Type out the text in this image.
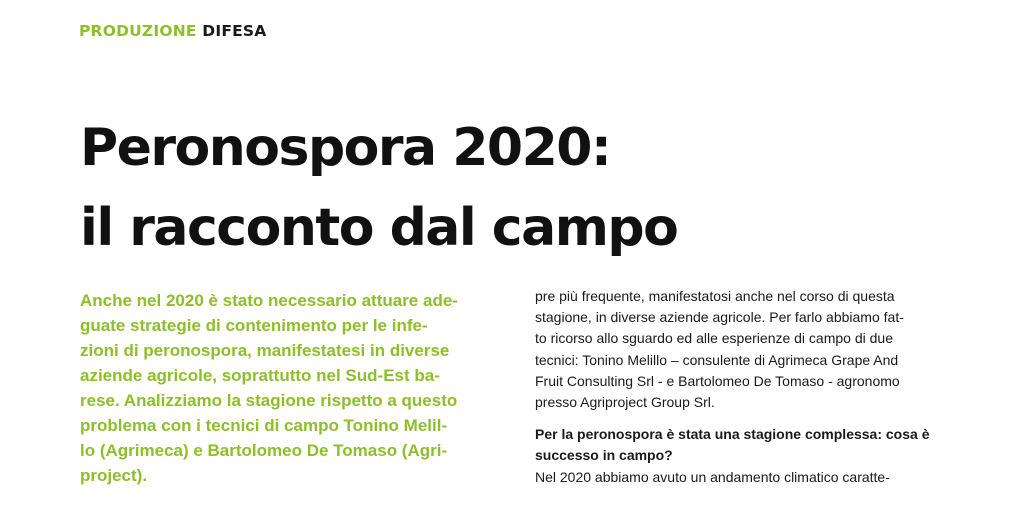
PRODUZIONE DIFESA
Peronospora 2020:
il racconto dal campo

Anche nel 2020 è stato necessario attuare ade-
guate strategie di contenimento per le infe-
zioni di peronospora, manifestatesi in diverse
aziende agricole, soprattutto nel Sud-Est ba-
rese. Analizziamo la stagione rispetto a questo
problema con i tecnici di campo Tonino Melil-
lo (Agrimeca) e Bartolomeo De Tomaso (Agri-
project).

pre più frequente, manifestatosi anche nel corso di questa
stagione, in diverse aziende agricole. Per farlo abbiamo fat-
to ricorso allo sguardo ed alle esperienze di campo di due
tecnici: Tonino Melillo – consulente di Agrimeca Grape And
Fruit Consulting Srl - e Bartolomeo De Tomaso - agronomo
presso Agriproject Group Srl.
Per la peronospora è stata una stagione complessa: cosa è
successo in campo?
Nel 2020 abbiamo avuto un andamento climatico caratte-
